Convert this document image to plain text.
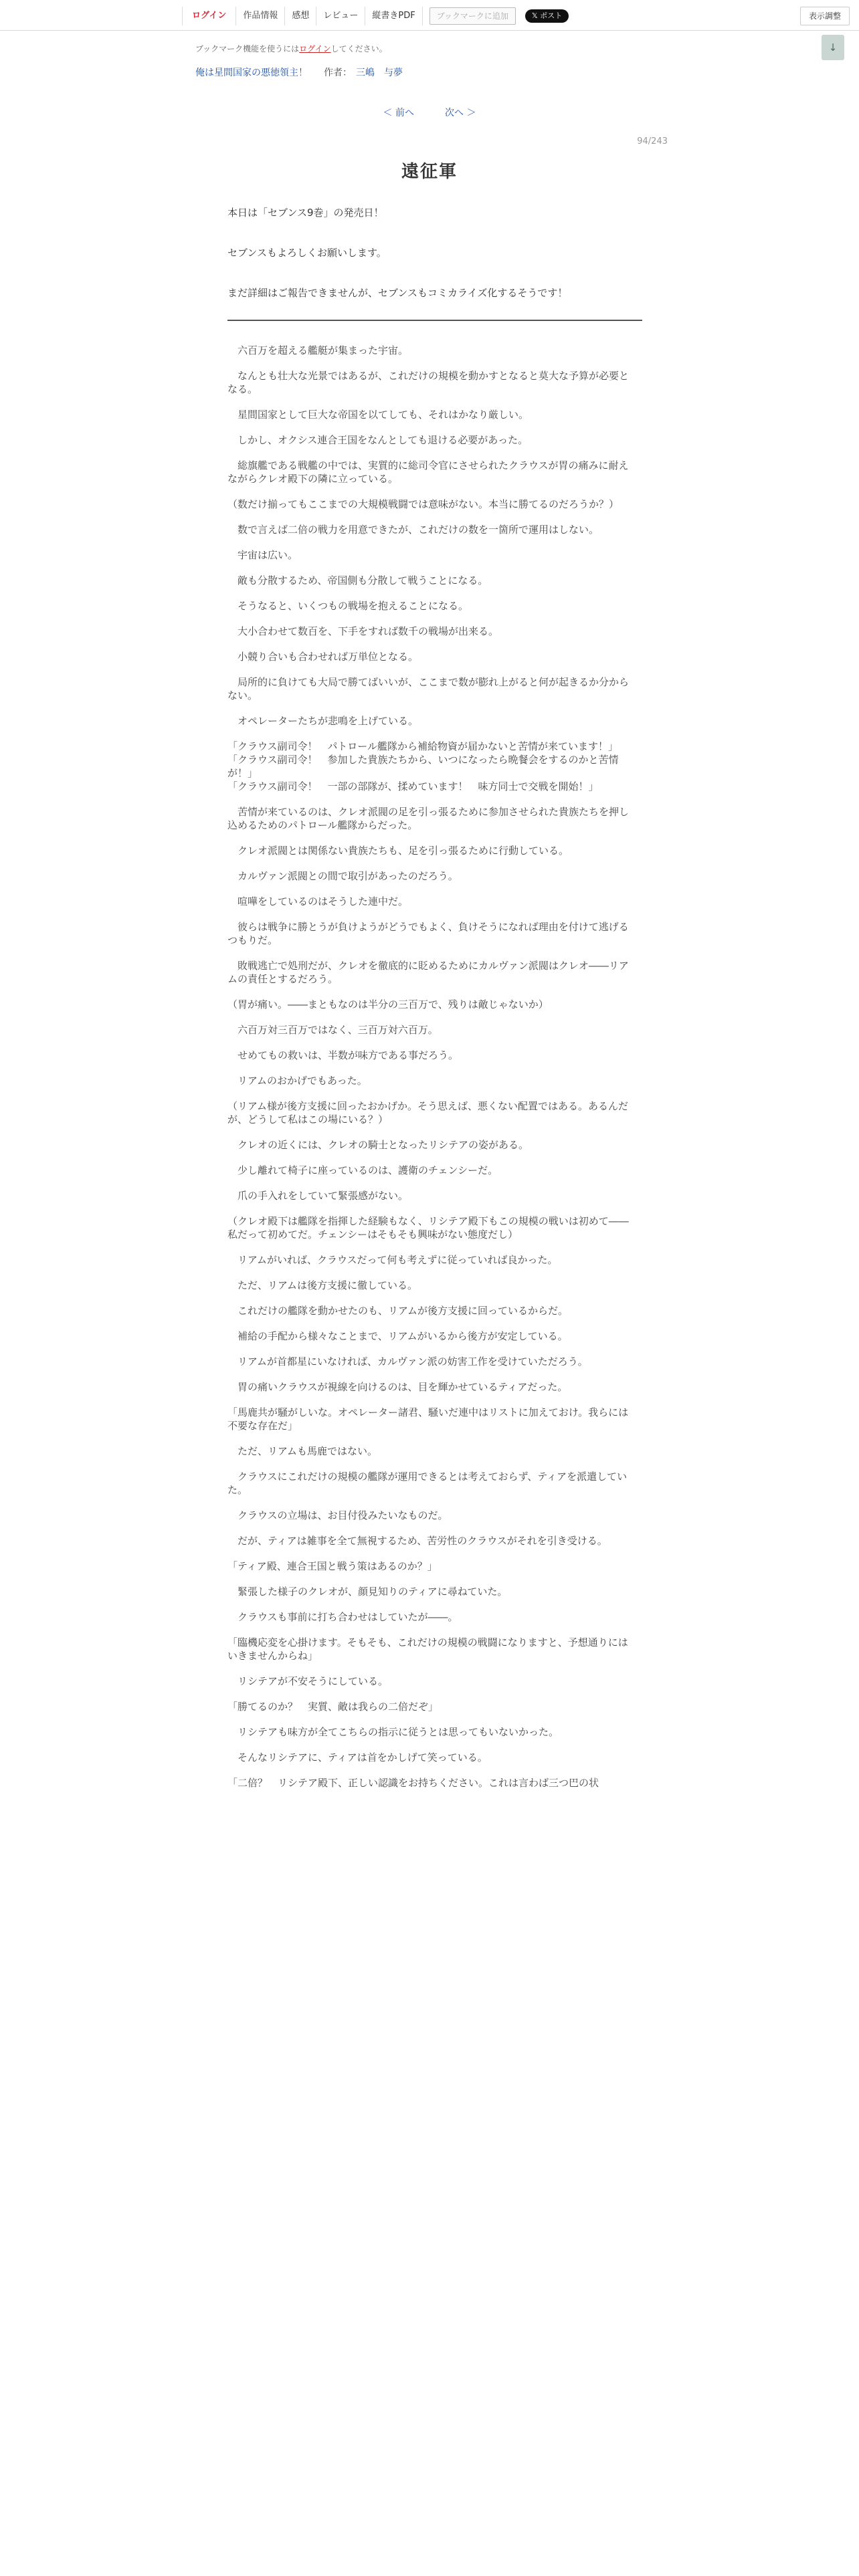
ログイン	作品情報	感想	レビュー	縦書きPDF	ブックマークに追加	𝕏 ポスト	表示調整
ブックマーク機能を使うにはログインしてください。	↓
俺は星間国家の悪徳領主！ 作者： 三嶋　与夢
＜ 前へ	次へ ＞
94/243
遠征軍

本日は「セブンス9巻」の発売日！

セブンスもよろしくお願いします。

まだ詳細はご報告できませんが、セブンスもコミカライズ化するそうです！

　六百万を超える艦艇が集まった宇宙。

　なんとも壮大な光景ではあるが、これだけの規模を動かすとなると莫大な予算が必要となる。

　星間国家として巨大な帝国を以てしても、それはかなり厳しい。

　しかし、オクシス連合王国をなんとしても退ける必要があった。

　総旗艦である戦艦の中では、実質的に総司令官にさせられたクラウスが胃の痛みに耐えながらクレオ殿下の隣に立っている。

（数だけ揃ってもここまでの大規模戦闘では意味がない。本当に勝てるのだろうか？）

　数で言えば二倍の戦力を用意できたが、これだけの数を一箇所で運用はしない。

　宇宙は広い。

　敵も分散するため、帝国側も分散して戦うことになる。

　そうなると、いくつもの戦場を抱えることになる。

　大小合わせて数百を、下手をすれば数千の戦場が出来る。

　小競り合いも合わせれば万単位となる。

　局所的に負けても大局で勝てばいいが、ここまで数が膨れ上がると何が起きるか分からない。

　オペレーターたちが悲鳴を上げている。

「クラウス副司令！　パトロール艦隊から補給物資が届かないと苦情が来ています！」
「クラウス副司令！　参加した貴族たちから、いつになったら晩餐会をするのかと苦情が！」
「クラウス副司令！　一部の部隊が、揉めています！　味方同士で交戦を開始！」

　苦情が来ているのは、クレオ派閥の足を引っ張るために参加させられた貴族たちを押し込めるためのパトロール艦隊からだった。

　クレオ派閥とは関係ない貴族たちも、足を引っ張るために行動している。

　カルヴァン派閥との間で取引があったのだろう。

　喧嘩をしているのはそうした連中だ。

　彼らは戦争に勝とうが負けようがどうでもよく、負けそうになれば理由を付けて逃げるつもりだ。

　敗戦逃亡で処刑だが、クレオを徹底的に貶めるためにカルヴァン派閥はクレオ――リアムの責任とするだろう。

（胃が痛い。――まともなのは半分の三百万で、残りは敵じゃないか）

　六百万対三百万ではなく、三百万対六百万。

　せめてもの救いは、半数が味方である事だろう。

　リアムのおかげでもあった。

（リアム様が後方支援に回ったおかげか。そう思えば、悪くない配置ではある。あるんだが、どうして私はこの場にいる？）

　クレオの近くには、クレオの騎士となったリシテアの姿がある。

　少し離れて椅子に座っているのは、護衛のチェンシーだ。

　爪の手入れをしていて緊張感がない。

（クレオ殿下は艦隊を指揮した経験もなく、リシテア殿下もこの規模の戦いは初めて――私だって初めてだ。チェンシーはそもそも興味がない態度だし）

　リアムがいれば、クラウスだって何も考えずに従っていれば良かった。

　ただ、リアムは後方支援に徹している。

　これだけの艦隊を動かせたのも、リアムが後方支援に回っているからだ。

　補給の手配から様々なことまで、リアムがいるから後方が安定している。

　リアムが首都星にいなければ、カルヴァン派の妨害工作を受けていただろう。

　胃の痛いクラウスが視線を向けるのは、目を輝かせているティアだった。

「馬鹿共が騒がしいな。オペレーター諸君、騒いだ連中はリストに加えておけ。我らには不要な存在だ」

　ただ、リアムも馬鹿ではない。

　クラウスにこれだけの規模の艦隊が運用できるとは考えておらず、ティアを派遣していた。

　クラウスの立場は、お目付役みたいなものだ。

　だが、ティアは雑事を全て無視するため、苦労性のクラウスがそれを引き受ける。

「ティア殿、連合王国と戦う策はあるのか？」

　緊張した様子のクレオが、顔見知りのティアに尋ねていた。

　クラウスも事前に打ち合わせはしていたが――。

「臨機応変を心掛けます。そもそも、これだけの規模の戦闘になりますと、予想通りにはいきませんからね」

　リシテアが不安そうにしている。

「勝てるのか？　実質、敵は我らの二倍だぞ」

　リシテアも味方が全てこちらの指示に従うとは思ってもいないかった。

　そんなリシテアに、ティアは首をかしげて笑っている。

「二倍？　リシテア殿下、正しい認識をお持ちください。これは言わば三つ巴の状
